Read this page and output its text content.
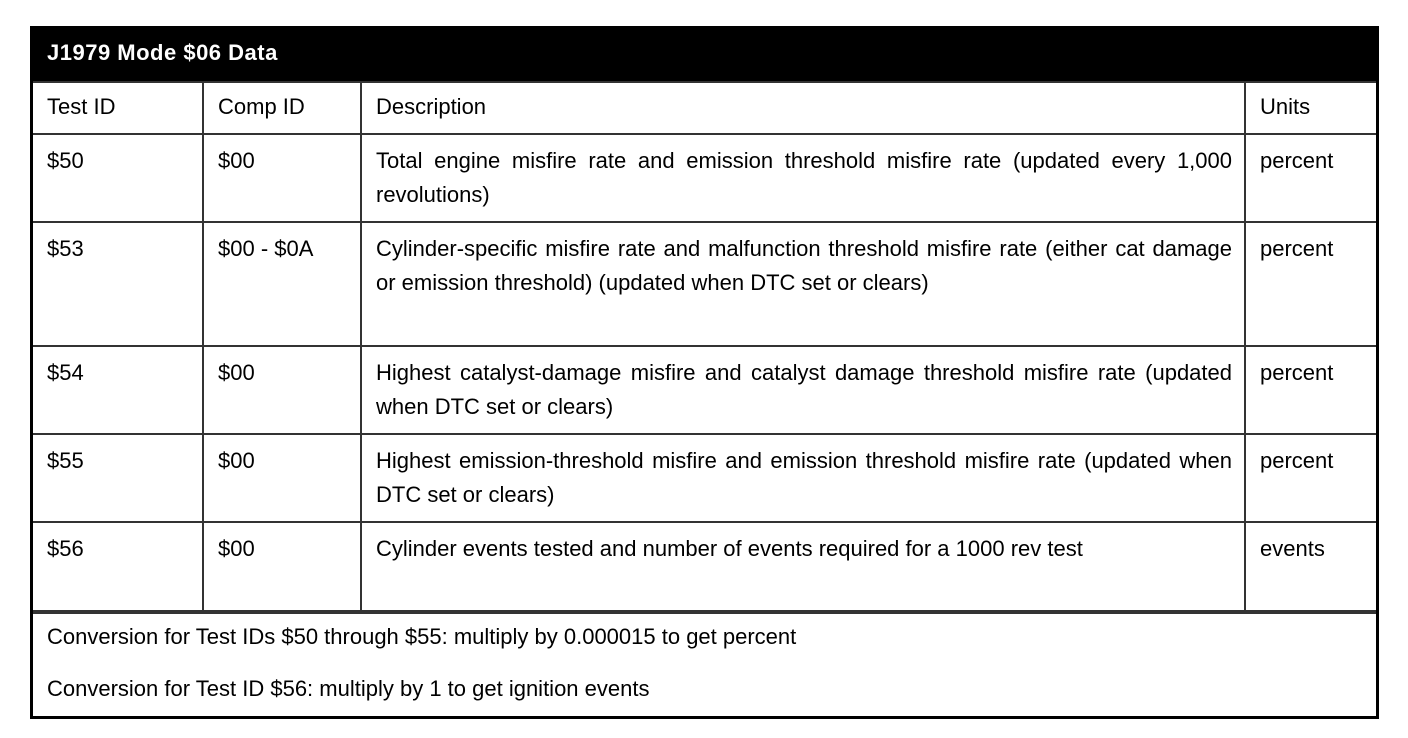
J1979 Mode $06 Data
Test ID	Comp ID	Description	Units
$50	$00	Total engine misfire rate and emission threshold misfire rate (updated every 1,000 revolutions)	percent
$53	$00 - $0A	Cylinder-specific misfire rate and malfunction threshold misfire rate (either cat damage or emission threshold) (updated when DTC set or clears)	percent
$54	$00	Highest catalyst-damage misfire and catalyst damage threshold misfire rate (updated when DTC set or clears)	percent
$55	$00	Highest emission-threshold misfire and emission threshold misfire rate (updated when DTC set or clears)	percent
$56	$00	Cylinder events tested and number of events required for a 1000 rev test	events

Conversion for Test IDs $50 through $55: multiply by 0.000015 to get percent

Conversion for Test ID $56: multiply by 1 to get ignition events
